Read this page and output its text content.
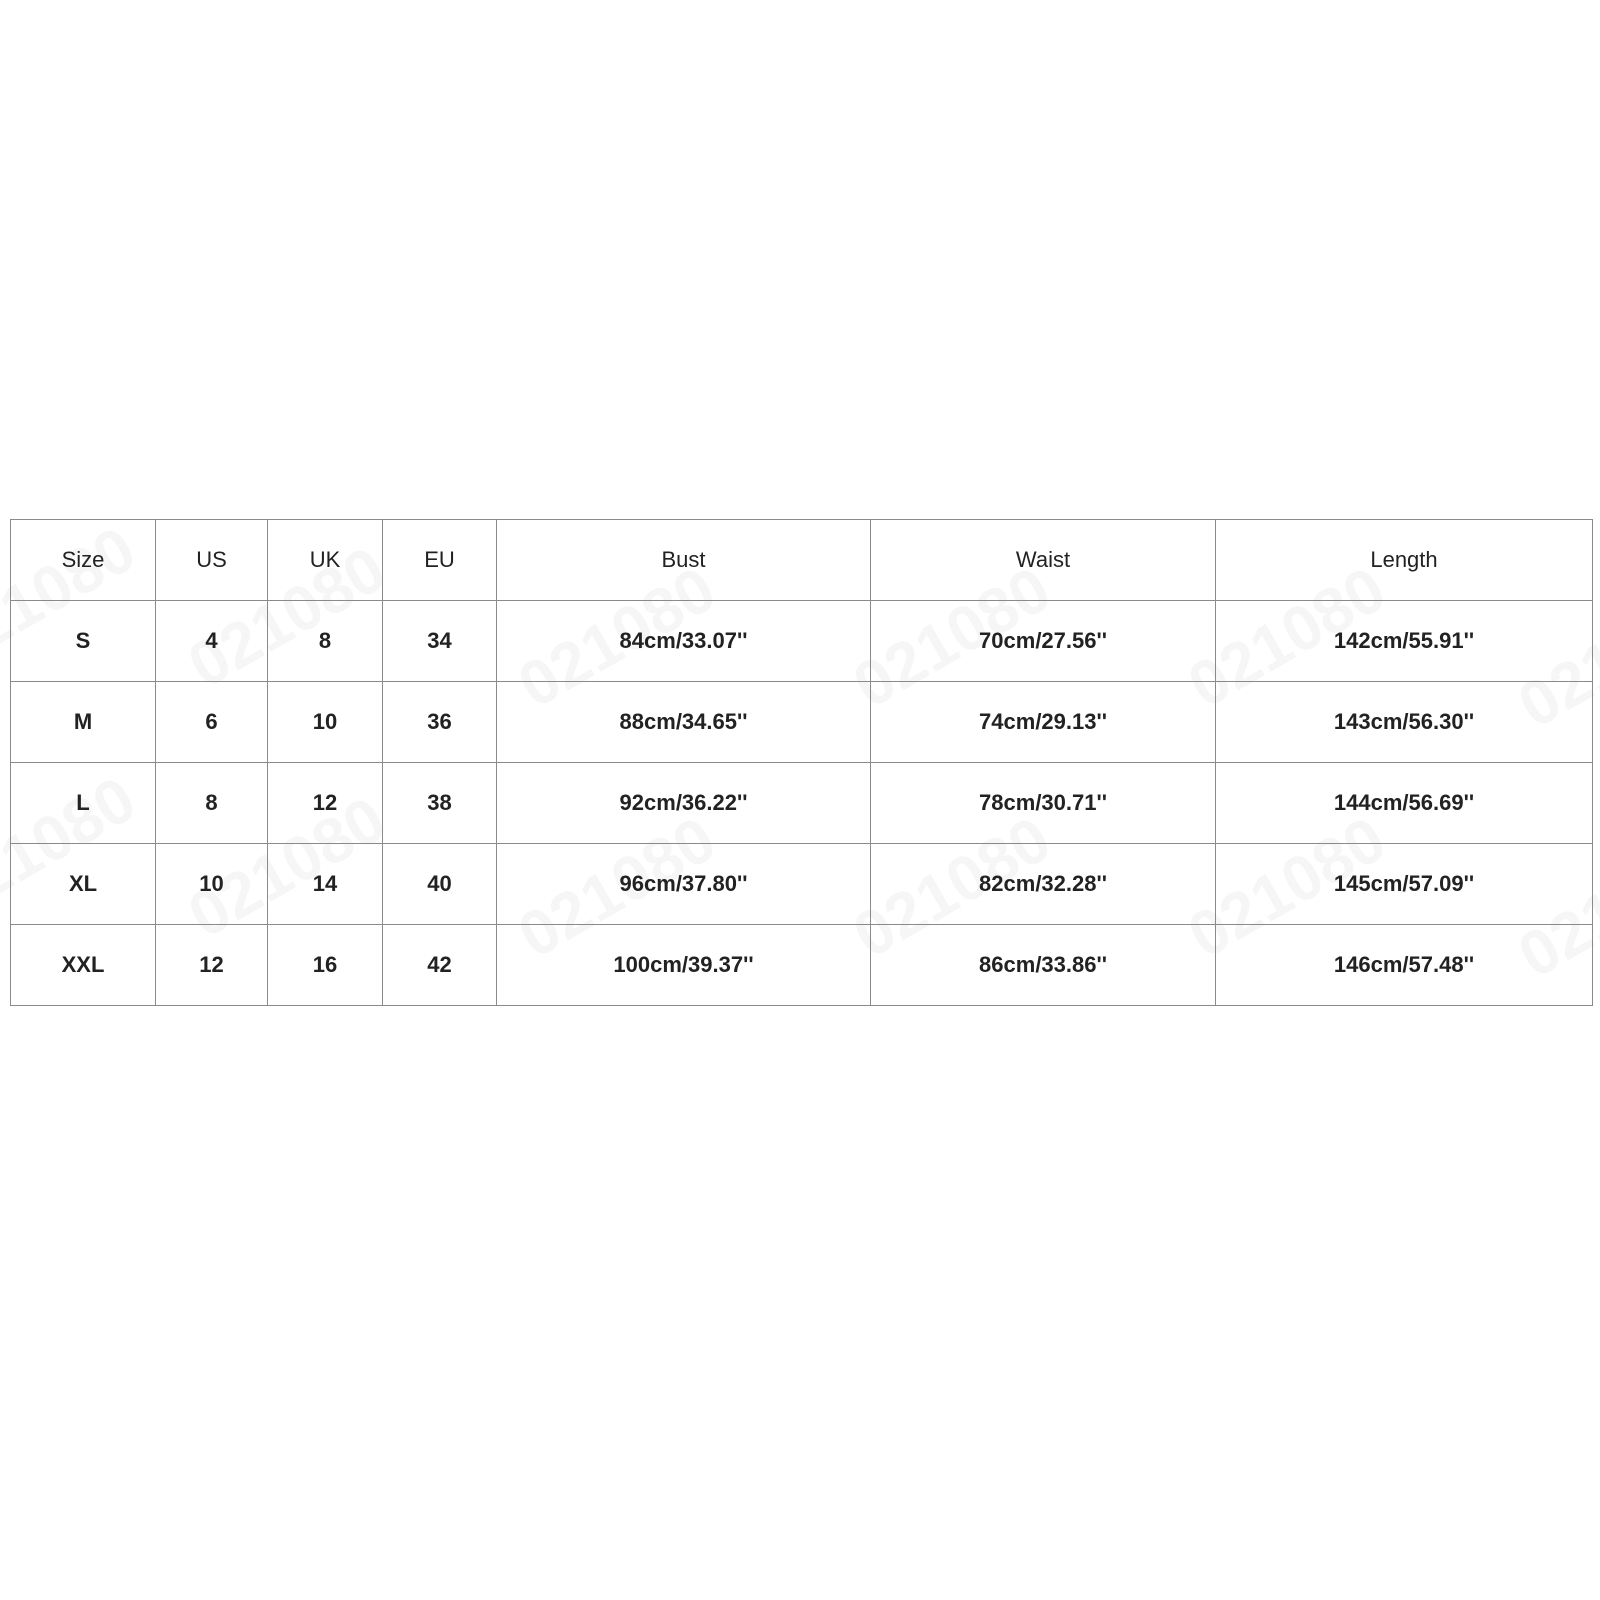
Size	US	UK	EU	Bust	Waist	Length
S	4	8	34	84cm/33.07''	70cm/27.56''	142cm/55.91''
M	6	10	36	88cm/34.65''	74cm/29.13''	143cm/56.30''
L	8	12	38	92cm/36.22''	78cm/30.71''	144cm/56.69''
XL	10	14	40	96cm/37.80''	82cm/32.28''	145cm/57.09''
XXL	12	16	42	100cm/39.37''	86cm/33.86''	146cm/57.48''
